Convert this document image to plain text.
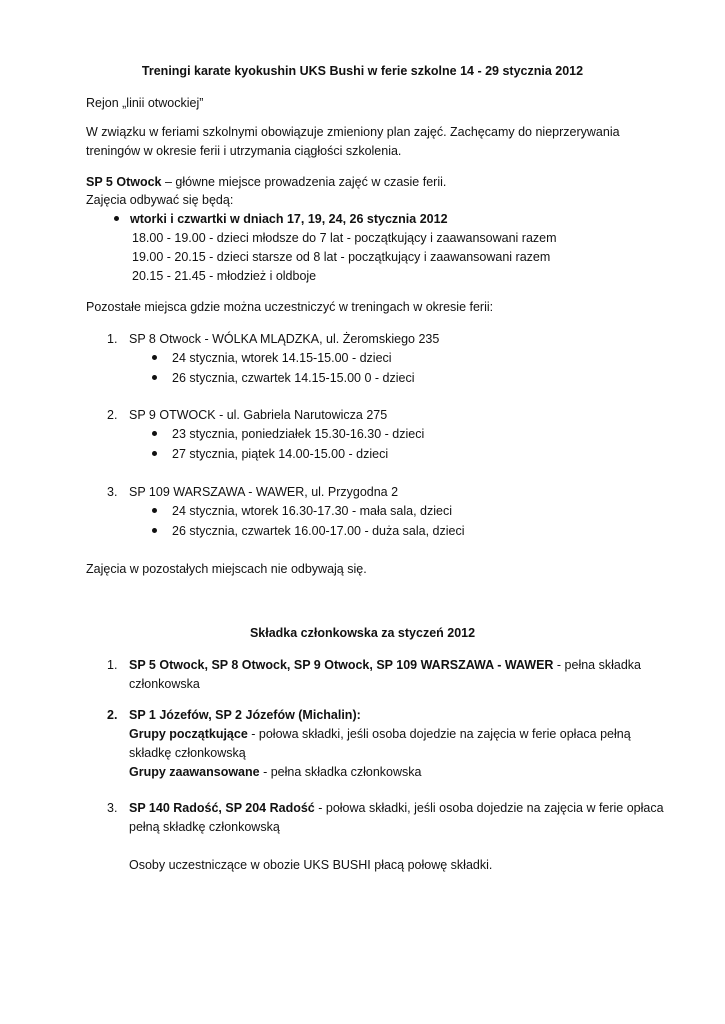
Treningi karate kyokushin UKS Bushi w ferie szkolne 14 - 29 stycznia 2012
Rejon „linii otwockiej”
W związku w feriami szkolnymi obowiązuje zmieniony plan zajęć. Zachęcamy do nieprzerywania
treningów w okresie ferii i utrzymania ciągłości szkolenia.
SP 5 Otwock – główne miejsce prowadzenia zajęć w czasie ferii.
Zajęcia odbywać się będą:
wtorki i czwartki w dniach 17, 19, 24, 26 stycznia 2012
18.00 - 19.00 - dzieci młodsze do 7 lat - początkujący i zaawansowani razem
19.00 - 20.15 - dzieci starsze od 8 lat - początkujący i zaawansowani razem
20.15 - 21.45 - młodzież i oldboje
Pozostałe miejsca gdzie można uczestniczyć w treningach w okresie ferii:
1. SP 8 Otwock - WÓLKA MLĄDZKA, ul. Żeromskiego 235
24 stycznia, wtorek 14.15-15.00 - dzieci
26 stycznia, czwartek 14.15-15.00 0 - dzieci
2. SP 9 OTWOCK - ul. Gabriela Narutowicza 275
23 stycznia, poniedziałek 15.30-16.30 - dzieci
27 stycznia, piątek 14.00-15.00 - dzieci
3. SP 109 WARSZAWA - WAWER, ul. Przygodna 2
24 stycznia, wtorek 16.30-17.30 - mała sala, dzieci
26 stycznia, czwartek 16.00-17.00 - duża sala, dzieci
Zajęcia w pozostałych miejscach nie odbywają się.
Składka członkowska za styczeń 2012
1. SP 5 Otwock, SP 8 Otwock, SP 9 Otwock, SP 109 WARSZAWA - WAWER - pełna składka
członkowska
2. SP 1 Józefów, SP 2 Józefów (Michalin):
Grupy początkujące - połowa składki, jeśli osoba dojedzie na zajęcia w ferie opłaca pełną
składkę członkowską
Grupy zaawansowane - pełna składka członkowska
3. SP 140 Radość, SP 204 Radość - połowa składki, jeśli osoba dojedzie na zajęcia w ferie opłaca
pełną składkę członkowską
Osoby uczestniczące w obozie UKS BUSHI płacą połowę składki.
